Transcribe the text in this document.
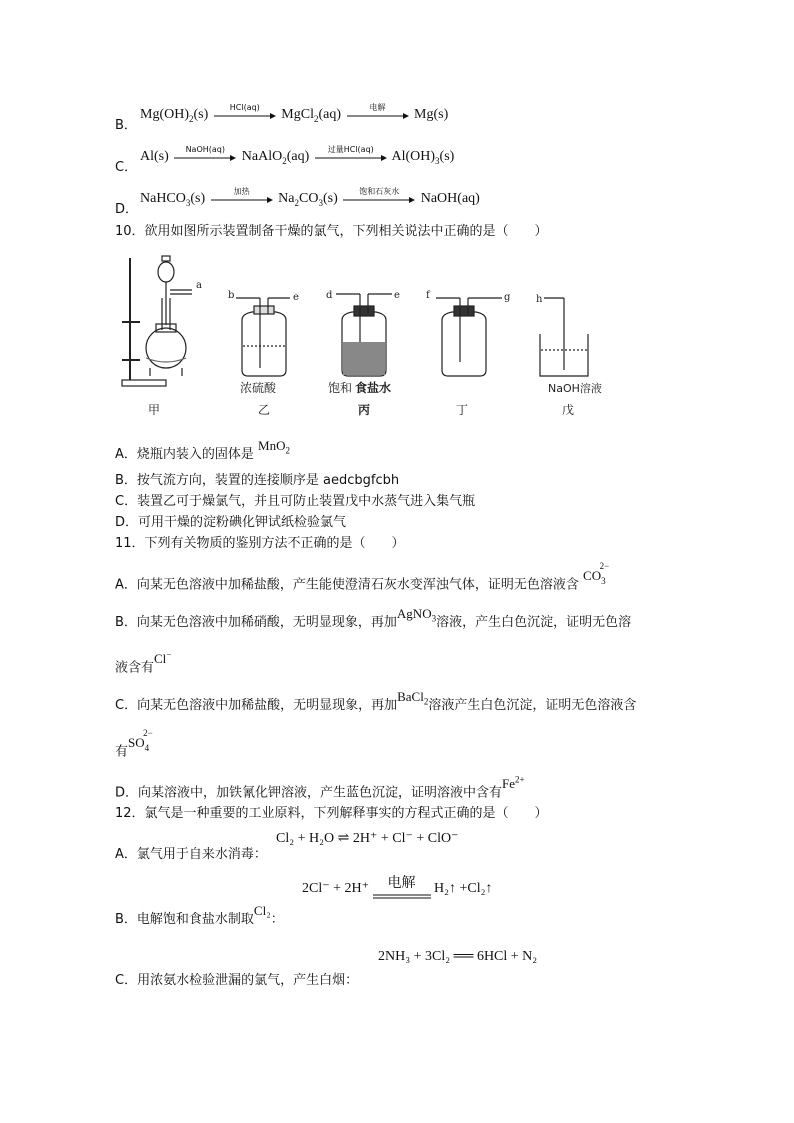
B．
$Mg(OH)_2(s)$	HCl(aq)	MgCl$_2$(aq)	电解	Mg(s)
C．
Al(s)	NaOH(aq)	NaAlO$_2$(aq)	过量HCl(aq)	$Al(OH)_3(s)$
D．
NaHCO$_3$(s)	加热	$Na_2CO_3(s)$	饱和石灰水	NaOH(aq)
10．欲用如图所示装置制备干燥的氯气，下列相关说法中正确的是（　　）
a
b	e	d	e	f	g	h
浓硫酸	饱和 食盐水	NaOH溶液
甲	乙	丙	丁	戊
A．烧瓶内装入的固体是 MnO$_2$
B．按气流方向，装置的连接顺序是 aedcbgfcbh
C．装置乙可于燥氯气，并且可防止装置戊中水蒸气进入集气瓶
D．可用干燥的淀粉碘化钾试纸检验氯气
11．下列有关物质的鉴别方法不正确的是（　　）
A．向某无色溶液中加稀盐酸，产生能使澄清石灰水变浑浊气体，证明无色溶液含 $CO_3^{2-}$
B．向某无色溶液中加稀硝酸，无明显现象，再加AgNO$_3$溶液，产生白色沉淀，证明无色溶
液含有Cl−
C．向某无色溶液中加稀盐酸，无明显现象，再加BaCl$_2$溶液产生白色沉淀，证明无色溶液含
有$SO_4^{2-}$
D．向某溶液中，加铁氰化钾溶液，产生蓝色沉淀，证明溶液中含有$Fe^{2+}$
12．氯气是一种重要的工业原料，下列解释事实的方程式正确的是（　　）
A．氯气用于自来水消毒：
Cl₂ + H₂O ⇌ 2H⁺ + Cl⁻ + ClO⁻
2Cl⁻ + 2H⁺	电解	H₂↑ +Cl₂↑
B．电解饱和食盐水制取Cl₂：
2NH₃ + 3Cl₂ ══ 6HCl + N₂
C．用浓氨水检验泄漏的氯气，产生白烟：
